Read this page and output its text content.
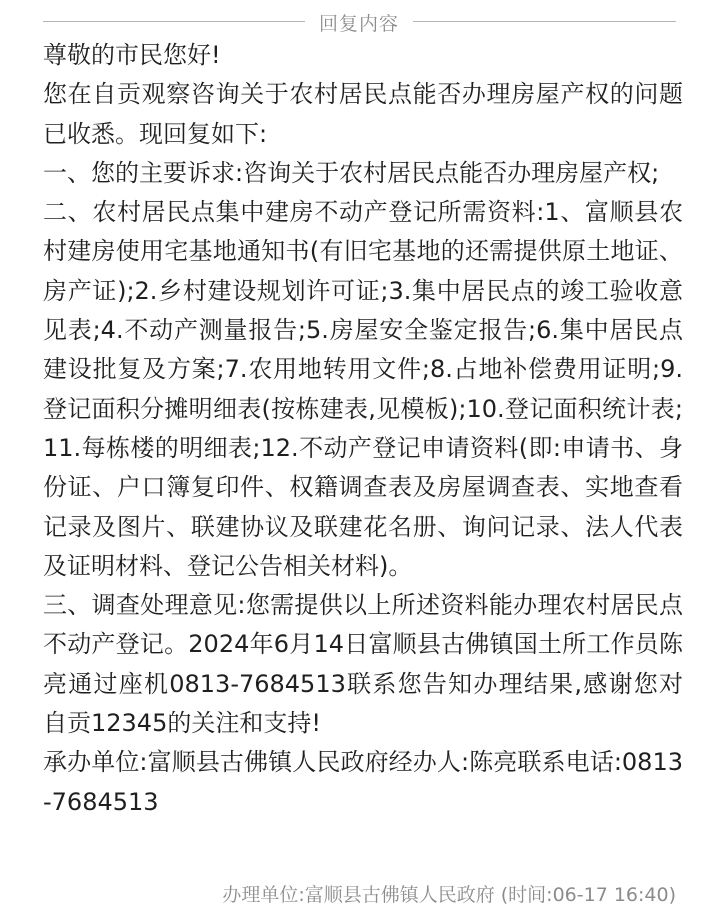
回复内容

尊敬的市民您好!

您在自贡观察咨询关于农村居民点能否办理房屋产权的问题已收悉。现回复如下:

一、您的主要诉求:咨询关于农村居民点能否办理房屋产权;

二、农村居民点集中建房不动产登记所需资料:1、富顺县农村建房使用宅基地通知书(有旧宅基地的还需提供原土地证、房产证);2.乡村建设规划许可证;3.集中居民点的竣工验收意见表;4.不动产测量报告;5.房屋安全鉴定报告;6.集中居民点建设批复及方案;7.农用地转用文件;8.占地补偿费用证明;9.登记面积分摊明细表(按栋建表,见模板);10.登记面积统计表;11.每栋楼的明细表;12.不动产登记申请资料(即:申请书、身份证、户口簿复印件、权籍调查表及房屋调查表、实地查看记录及图片、联建协议及联建花名册、询问记录、法人代表及证明材料、登记公告相关材料)。

三、调查处理意见:您需提供以上所述资料能办理农村居民点不动产登记。2024年6月14日富顺县古佛镇国土所工作员陈亮通过座机0813-7684513联系您告知办理结果,感谢您对自贡12345的关注和支持!

承办单位:富顺县古佛镇人民政府经办人:陈亮联系电话:0813-7684513

办理单位:富顺县古佛镇人民政府 (时间:06-17 16:40)
